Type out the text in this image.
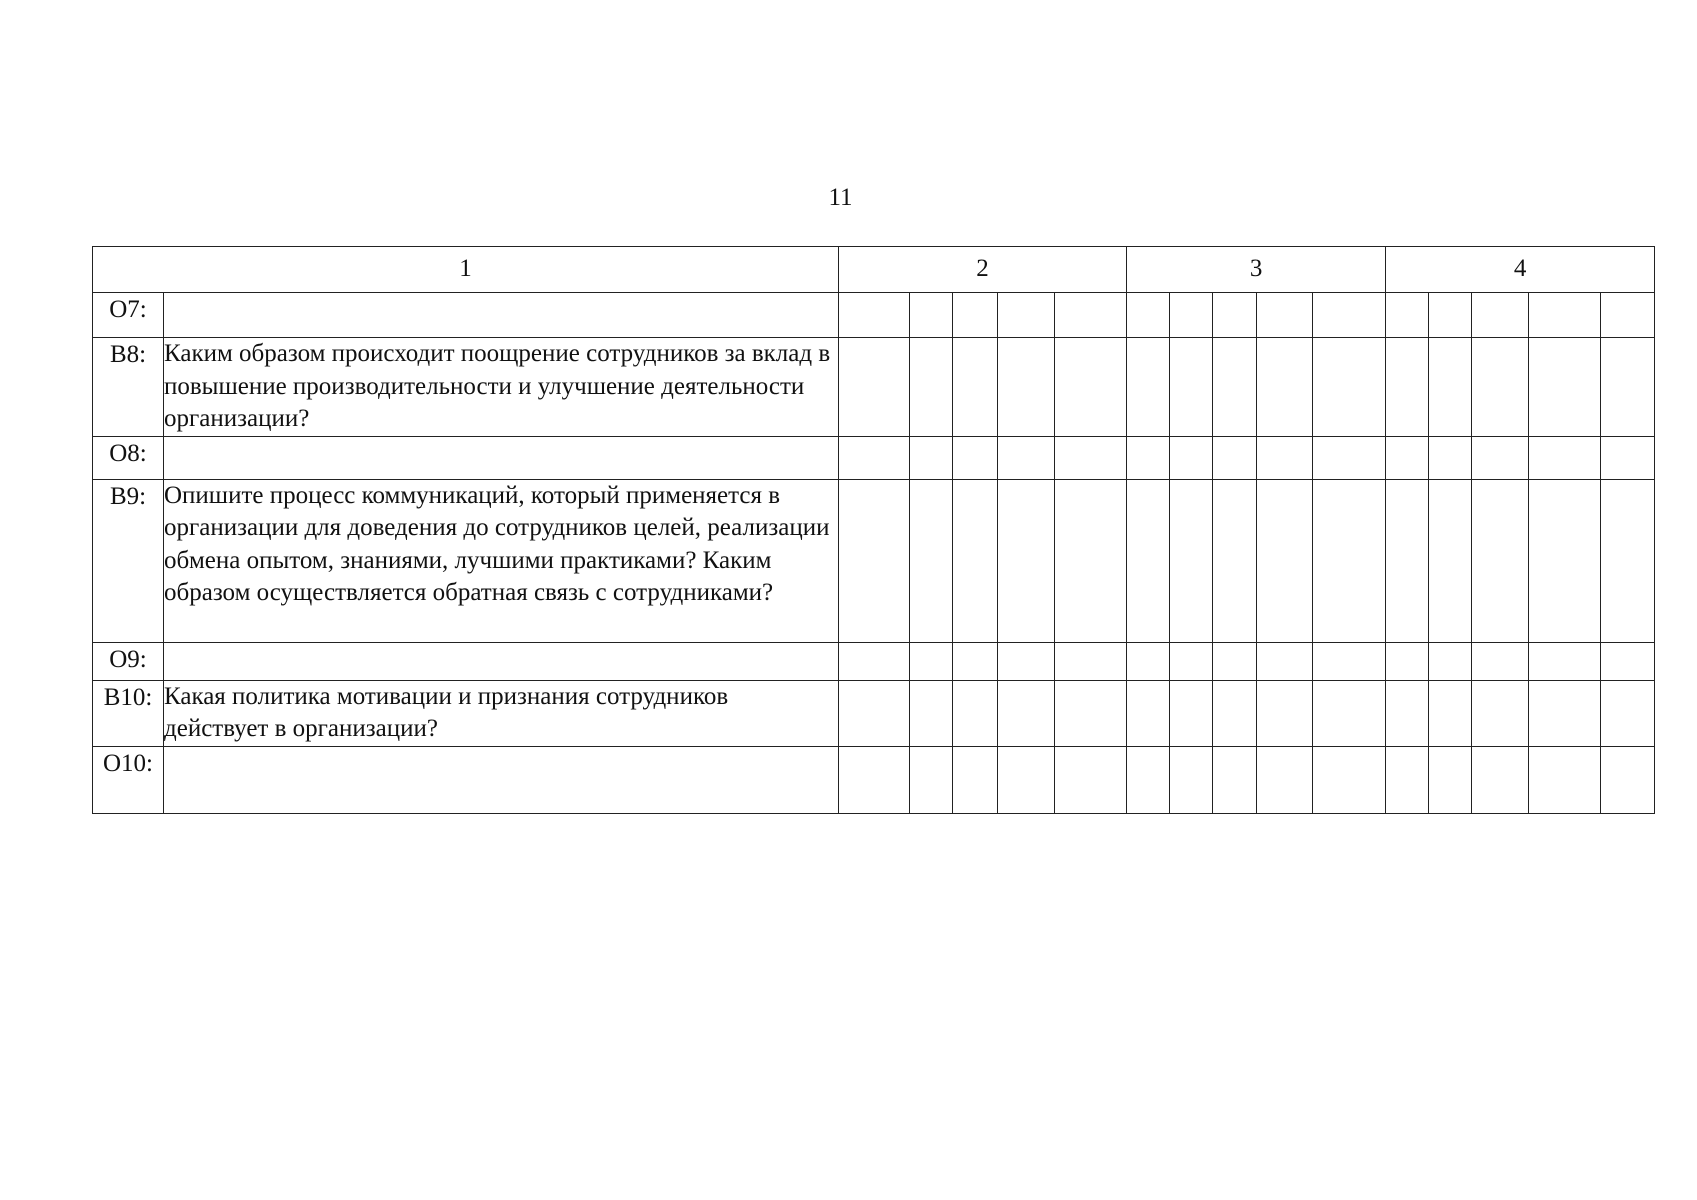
11
1		2					3					4				

О7:																

В8:	Каким образом происходит поощрение сотрудников за вклад в повышение производительности и улучшение деятельности организации?															

О8:																

В9:	Опишите процесс коммуникаций, который применяется в организации для доведения до сотрудников целей, реализации обмена опытом, знаниями, лучшими практиками? Каким образом осуществляется обратная связь с сотрудниками?															

О9:																

В10:	Какая политика мотивации и признания сотрудников действует в организации?															

О10:																
